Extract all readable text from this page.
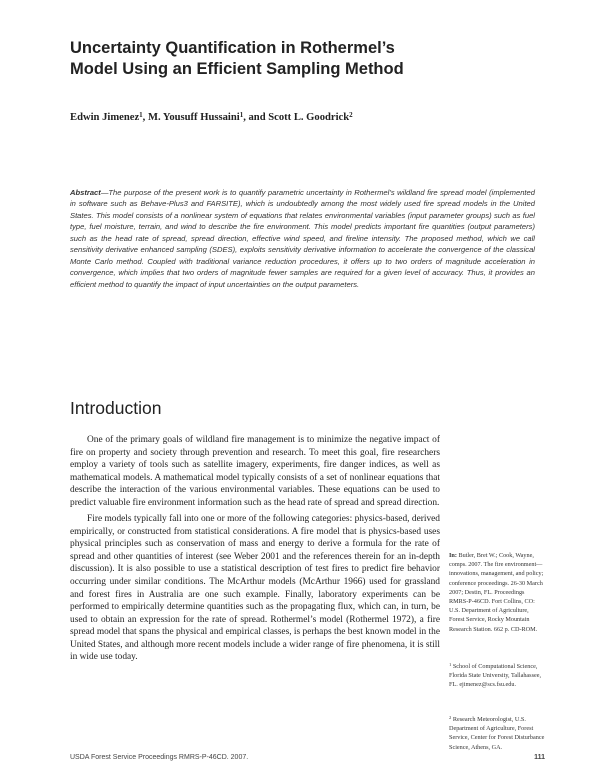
Uncertainty Quantification in Rothermel’s
Model Using an Efficient Sampling Method
Edwin Jimenez$^1$, M. Yousuff Hussaini$^1$, and Scott L. Goodrick$^2$
Abstract—The purpose of the present work is to quantify parametric uncertainty in Rothermel’s wildland fire spread model (implemented in software such as Behave-Plus3 and FARSITE), which is undoubtedly among the most widely used fire spread models in the United States. This model consists of a nonlinear system of equations that relates environmental variables (input parameter groups) such as fuel type, fuel moisture, terrain, and wind to describe the fire environment. This model predicts important fire quantities (output parameters) such as the head rate of spread, spread direction, effective wind speed, and fireline intensity. The proposed method, which we call sensitivity derivative enhanced sampling (SDES), exploits sensitivity derivative information to accelerate the convergence of the classical Monte Carlo method. Coupled with traditional variance reduction procedures, it offers up to two orders of magnitude acceleration in convergence, which implies that two orders of magnitude fewer samples are required for a given level of accuracy. Thus, it provides an efficient method to quantify the impact of input uncertainties on the output parameters.
Introduction

One of the primary goals of wildland fire management is to minimize the negative impact of fire on property and society through prevention and research. To meet this goal, fire researchers employ a variety of tools such as satellite imagery, experiments, fire danger indices, as well as mathematical models. A mathematical model typically consists of a set of nonlinear equations that describe the interaction of the various environmental variables. These equations can be used to predict valuable fire environment information such as the head rate of spread and spread direction.

Fire models typically fall into one or more of the following categories: physics-based, derived empirically, or constructed from statistical considerations. A fire model that is physics-based uses physical principles such as conservation of mass and energy to derive a formula for the rate of spread and other quantities of interest (see Weber 2001 and the references therein for an in-depth discussion). It is also possible to use a statistical description of test fires to predict fire behavior occurring under similar conditions. The McArthur models (McArthur 1966) used for grassland and forest fires in Australia are one such example. Finally, laboratory experiments can be performed to empirically determine quantities such as the propagating flux, which can, in turn, be used to obtain an expression for the rate of spread. Rothermel’s model (Rothermel 1972), a fire spread model that spans the physical and empirical classes, is perhaps the best known model in the United States, and although more recent models include a wider range of fire phenomena, it is still in wide use today.

In: Butler, Bret W.; Cook, Wayne, comps. 2007. The fire environment—innovations, management, and policy; conference proceedings. 26-30 March 2007; Destin, FL. Proceedings RMRS-P-46CD. Fort Collins, CO: U.S. Department of Agriculture, Forest Service, Rocky Mountain Research Station. 662 p. CD-ROM.
$^1$ School of Computational Science, Florida State University, Tallahassee, FL. ejimenez@scs.fsu.edu.
$^2$ Research Meteorologist, U.S. Department of Agriculture, Forest Service, Center for Forest Disturbance Science, Athens, GA.
USDA Forest Service Proceedings RMRS-P-46CD. 2007.	111
